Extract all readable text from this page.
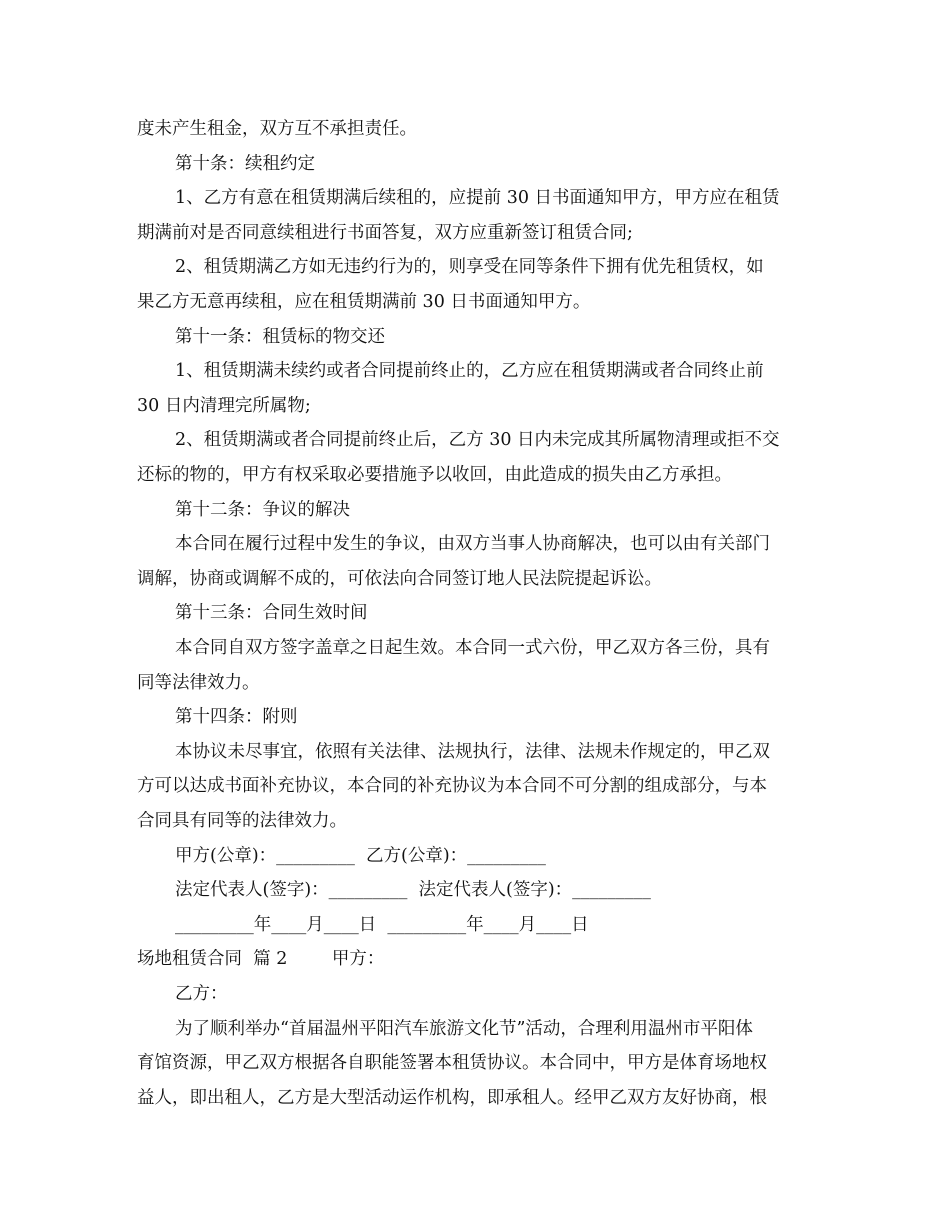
度未产生租金，双方互不承担责任。
第十条：续租约定
1、乙方有意在租赁期满后续租的，应提前 30 日书面通知甲方，甲方应在租赁
期满前对是否同意续租进行书面答复，双方应重新签订租赁合同;
2、租赁期满乙方如无违约行为的，则享受在同等条件下拥有优先租赁权，如
果乙方无意再续租，应在租赁期满前 30 日书面通知甲方。
第十一条：租赁标的物交还
1、租赁期满未续约或者合同提前终止的，乙方应在租赁期满或者合同终止前
30 日内清理完所属物;
2、租赁期满或者合同提前终止后，乙方 30 日内未完成其所属物清理或拒不交
还标的物的，甲方有权采取必要措施予以收回，由此造成的损失由乙方承担。
第十二条：争议的解决
本合同在履行过程中发生的争议，由双方当事人协商解决，也可以由有关部门
调解，协商或调解不成的，可依法向合同签订地人民法院提起诉讼。
第十三条：合同生效时间
本合同自双方签字盖章之日起生效。本合同一式六份，甲乙双方各三份，具有
同等法律效力。
第十四条：附则
本协议未尽事宜，依照有关法律、法规执行，法律、法规未作规定的，甲乙双
方可以达成书面补充协议，本合同的补充协议为本合同不可分割的组成部分，与本
合同具有同等的法律效力。
甲方(公章)：_________  乙方(公章)：_________
法定代表人(签字)：_________  法定代表人(签字)：_________
_________年____月____日  _________年____月____日
场地租赁合同  篇 2        甲方：
乙方：
为了顺利举办“首届温州平阳汽车旅游文化节”活动，合理利用温州市平阳体
育馆资源，甲乙双方根据各自职能签署本租赁协议。本合同中，甲方是体育场地权
益人，即出租人，乙方是大型活动运作机构，即承租人。经甲乙双方友好协商，根
